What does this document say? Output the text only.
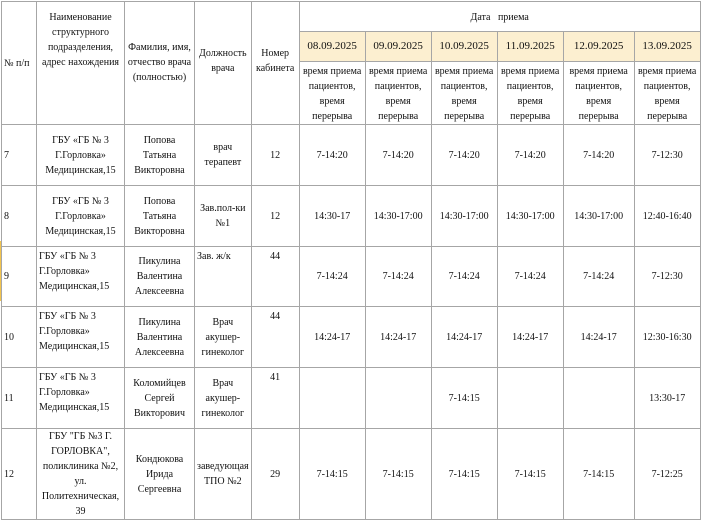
№ п/п	Наименование структурного подразделения, адрес нахождения	Фамилия, имя, отчество врача (полностью)	Должность врача	Номер кабинета	Дата   приема					
					08.09.2025	09.09.2025	10.09.2025	11.09.2025	12.09.2025	13.09.2025
					время приема пациентов, время перерыва	время приема пациентов, время перерыва	время приема пациентов, время перерыва	время приема пациентов, время перерыва	время приема пациентов, время перерыва	время приема пациентов, время перерыва
7	ГБУ «ГБ № 3 Г.Горловка» Медицинская,15	Попова Татьяна Викторовна	врач терапевт	12	7-14:20	7-14:20	7-14:20	7-14:20	7-14:20	7-12:30
8	ГБУ «ГБ № 3 Г.Горловка» Медицинская,15	Попова Татьяна Викторовна	Зав.пол-ки №1	12	14:30-17	14:30-17:00	14:30-17:00	14:30-17:00	14:30-17:00	12:40-16:40
9	ГБУ «ГБ № 3 Г.Горловка» Медицинская,15	Пикулина Валентина Алексеевна	Зав. ж/к	44	7-14:24	7-14:24	7-14:24	7-14:24	7-14:24	7-12:30
10	ГБУ «ГБ № 3 Г.Горловка» Медицинская,15	Пикулина Валентина Алексеевна	Врач акушер-гинеколог	44	14:24-17	14:24-17	14:24-17	14:24-17	14:24-17	12:30-16:30
11	ГБУ «ГБ № 3 Г.Горловка» Медицинская,15	Коломийцев Сергей Викторович	Врач акушер-гинеколог	41			7-14:15			13:30-17
12	ГБУ "ГБ №3 Г. ГОРЛОВКА", поликлиника №2, ул. Политехническая, 39	Кондюкова Ирида Сергеевна	заведующая ТПО №2	29	7-14:15	7-14:15	7-14:15	7-14:15	7-14:15	7-12:25
